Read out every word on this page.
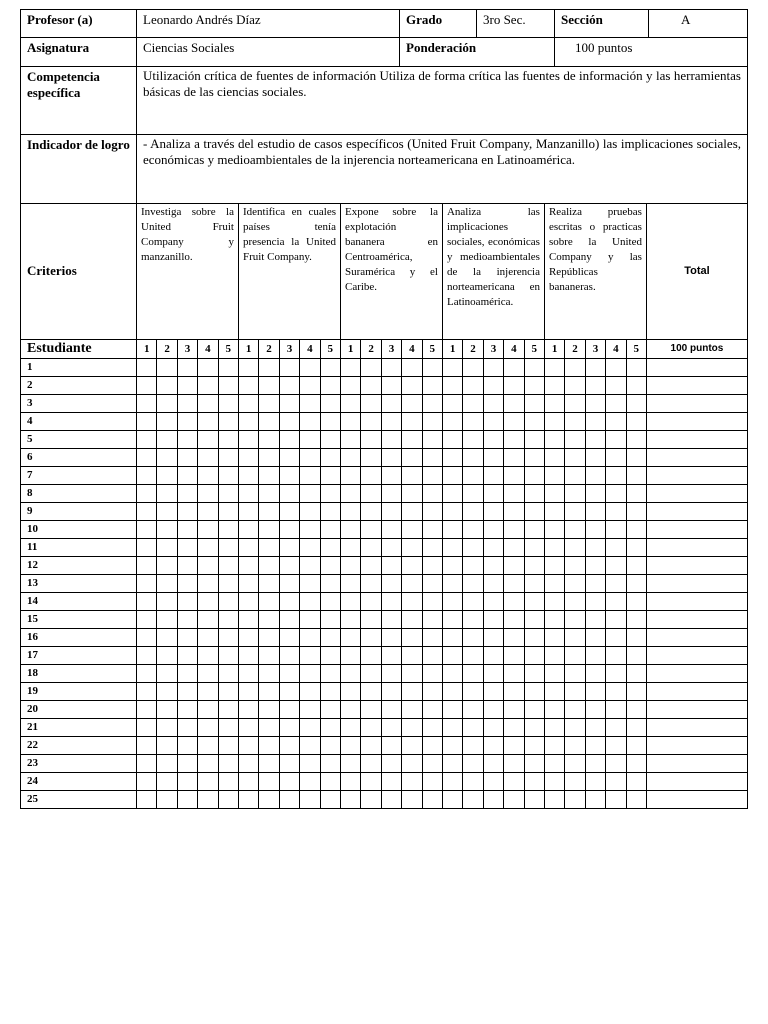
Profesor (a)	Leonardo Andrés Díaz	Grado	3ro Sec.	Sección	A
Asignatura	Ciencias Sociales	Ponderación		100 puntos	
Competencia específica	Utilización crítica de fuentes de información Utiliza de forma crítica las fuentes de información y las herramientas básicas de las ciencias sociales.
Indicador de logro	- Analiza a través del estudio de casos específicos (United Fruit Company, Manzanillo) las implicaciones sociales, económicas y medioambientales de la injerencia norteamericana en Latinoamérica.
Criterios	Investiga sobre la United Fruit Company y manzanillo.					Identifica en cuales países tenía presencia la United Fruit Company.					Expone sobre la explotación bananera en Centroamérica, Suramérica y el Caribe.					Analiza las implicaciones sociales, económicas y medioambientales de la injerencia norteamericana en Latinoamérica.					Realiza pruebas escritas o practicas sobre la United Company y las Repúblicas bananeras.					Total
Estudiante	1	2	3	4	5	1	2	3	4	5	1	2	3	4	5	1	2	3	4	5	1	2	3	4	5	100 puntos
1																										
2																										
3																										
4																										
5																										
6																										
7																										
8																										
9																										
10																										
11																										
12																										
13																										
14																										
15																										
16																										
17																										
18																										
19																										
20																										
21																										
22																										
23																										
24																										
25																										
